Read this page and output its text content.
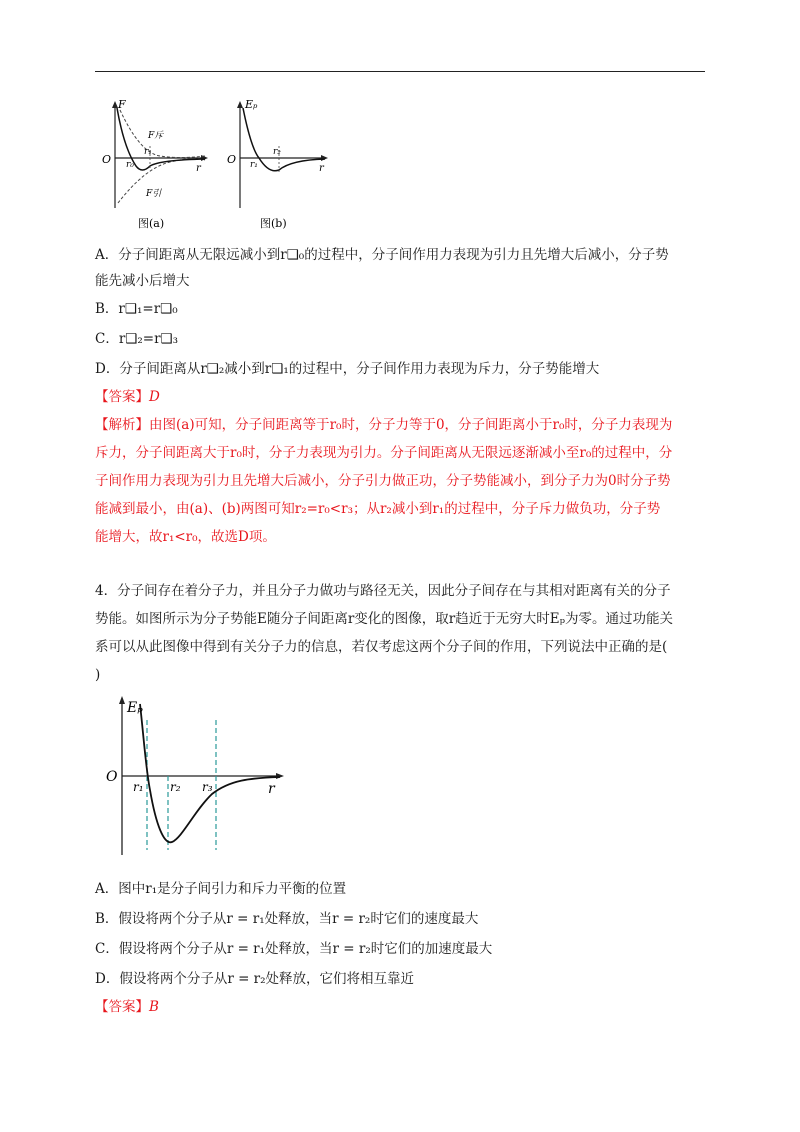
F
O r₀
r₁
r
F斥
F引
图(a)
Eₚ
O r₁
r₂
r
图(b)
A．分子间距离从无限远减小到r❑₀的过程中，分子间作用力表现为引力且先增大后减小，分子势
能先减小后增大
B．r❑₁=r❑₀
C．r❑₂=r❑₃
D．分子间距离从r❑₂减小到r❑₁的过程中，分子间作用力表现为斥力，分子势能增大
【答案】D
【解析】由图(a)可知，分子间距离等于r₀时，分子力等于0，分子间距离小于r₀时，分子力表现为
斥力，分子间距离大于r₀时，分子力表现为引力。分子间距离从无限远逐渐减小至r₀的过程中，分
子间作用力表现为引力且先增大后减小，分子引力做正功，分子势能减小，到分子力为0时分子势
能减到最小，由(a)、(b)两图可知r₂=r₀<r₃；从r₂减小到r₁的过程中，分子斥力做负功，分子势
能增大，故r₁<r₀，故选D项。
4．分子间存在着分子力，并且分子力做功与路径无关，因此分子间存在与其相对距离有关的分子
势能。如图所示为分子势能E随分子间距离r变化的图像，取r趋近于无穷大时Eₚ为零。通过功能关
系可以从此图像中得到有关分子力的信息，若仅考虑这两个分子间的作用，下列说法中正确的是(
)
Eₚ
O
r₁ r₂ r₃	r
A．图中r₁是分子间引力和斥力平衡的位置
B．假设将两个分子从r = r₁处释放，当r = r₂时它们的速度最大
C．假设将两个分子从r = r₁处释放，当r = r₂时它们的加速度最大
D．假设将两个分子从r = r₂处释放，它们将相互靠近
【答案】B
